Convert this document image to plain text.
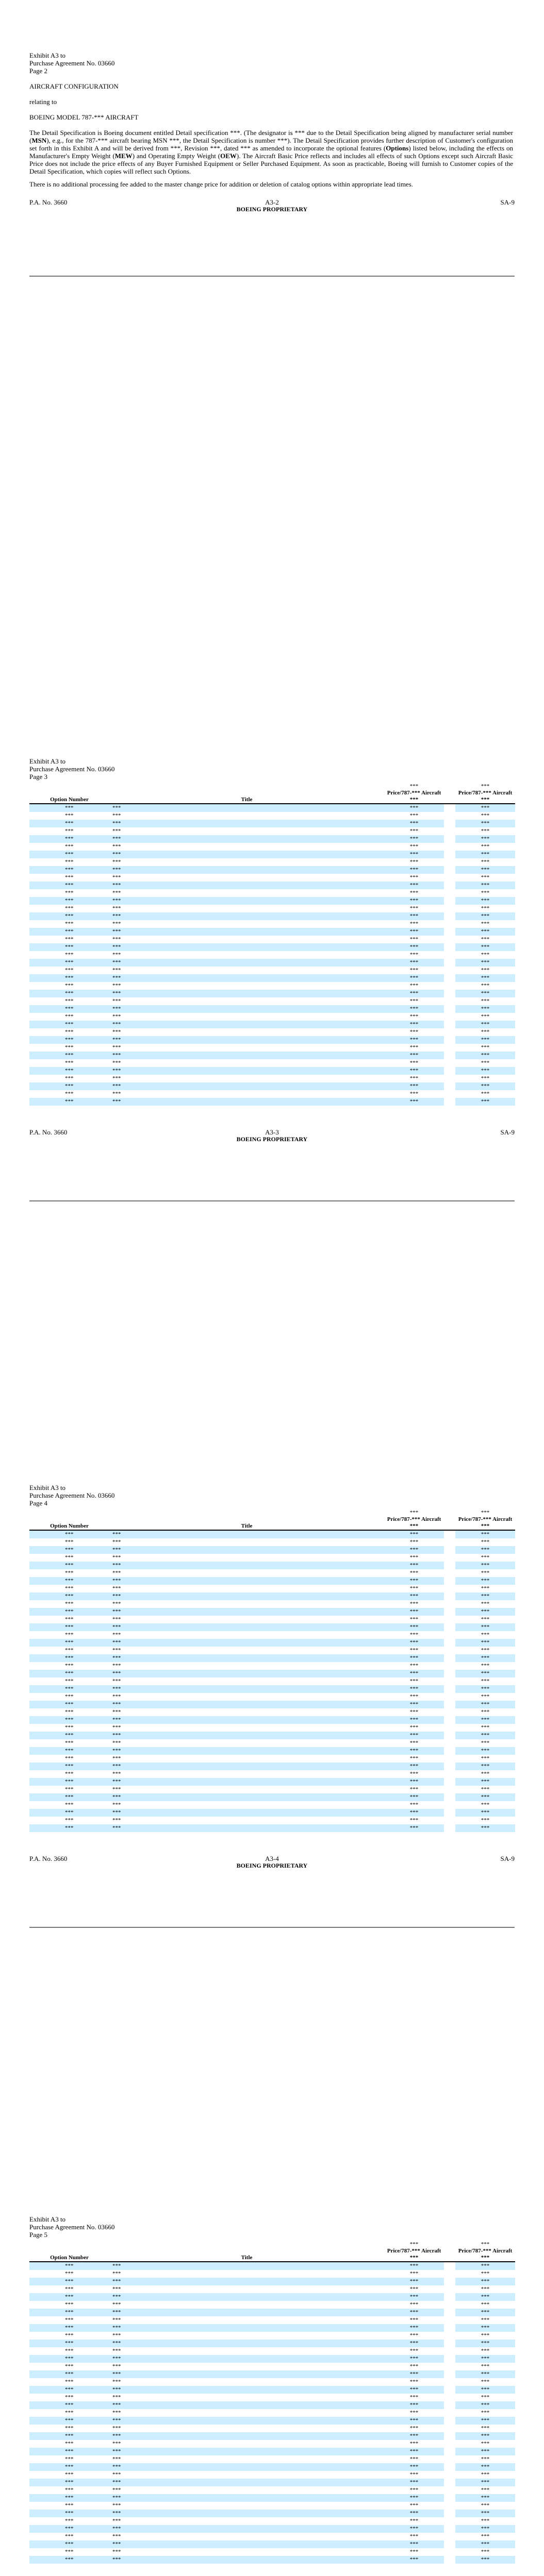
Exhibit A3 to

Purchase Agreement No. 03660

Page 2

AIRCRAFT CONFIGURATION

relating to

BOEING MODEL 787-*** AIRCRAFT

The Detail Specification is Boeing document entitled Detail specification ***. (The designator is *** due to the Detail Specification being aligned by manufacturer serial number (MSN), e.g., for the 787-*** aircraft bearing MSN ***, the Detail Specification is number ***). The Detail Specification provides further description of Customer's configuration set forth in this Exhibit A and will be derived from ***, Revision ***, dated *** as amended to incorporate the optional features (Options) listed below, including the effects on Manufacturer's Empty Weight (MEW) and Operating Empty Weight (OEW). The Aircraft Basic Price reflects and includes all effects of such Options except such Aircraft Basic Price does not include the price effects of any Buyer Furnished Equipment or Seller Purchased Equipment. As soon as practicable, Boeing will furnish to Customer copies of the Detail Specification, which copies will reflect such Options.

There is no additional processing fee added to the master change price for addition or deletion of catalog options within appropriate lead times.

P.A. No. 3660	A3-2	SA-9
BOEING PROPRIETARY

Exhibit A3 to

Purchase Agreement No. 03660

Page 3

		***		***
Option Number	Title	Price/787-*** Aircraft ***		Price/787-*** Aircraft ***
***	***	***		***
***	***	***		***
***	***	***		***
***	***	***		***
***	***	***		***
***	***	***		***
***	***	***		***
***	***	***		***
***	***	***		***
***	***	***		***
***	***	***		***
***	***	***		***
***	***	***		***
***	***	***		***
***	***	***		***
***	***	***		***
***	***	***		***
***	***	***		***
***	***	***		***
***	***	***		***
***	***	***		***
***	***	***		***
***	***	***		***
***	***	***		***
***	***	***		***
***	***	***		***
***	***	***		***
***	***	***		***
***	***	***		***
***	***	***		***
***	***	***		***
***	***	***		***
***	***	***		***
***	***	***		***
***	***	***		***
***	***	***		***
***	***	***		***
***	***	***		***
***	***	***		***
P.A. No. 3660	A3-3	SA-9
BOEING PROPRIETARY

Exhibit A3 to

Purchase Agreement No. 03660

Page 4

		***		***
Option Number	Title	Price/787-*** Aircraft ***		Price/787-*** Aircraft ***
***	***	***		***
***	***	***		***
***	***	***		***
***	***	***		***
***	***	***		***
***	***	***		***
***	***	***		***
***	***	***		***
***	***	***		***
***	***	***		***
***	***	***		***
***	***	***		***
***	***	***		***
***	***	***		***
***	***	***		***
***	***	***		***
***	***	***		***
***	***	***		***
***	***	***		***
***	***	***		***
***	***	***		***
***	***	***		***
***	***	***		***
***	***	***		***
***	***	***		***
***	***	***		***
***	***	***		***
***	***	***		***
***	***	***		***
***	***	***		***
***	***	***		***
***	***	***		***
***	***	***		***
***	***	***		***
***	***	***		***
***	***	***		***
***	***	***		***
***	***	***		***
***	***	***		***
P.A. No. 3660	A3-4	SA-9
BOEING PROPRIETARY

Exhibit A3 to

Purchase Agreement No. 03660

Page 5

		***		***
Option Number	Title	Price/787-*** Aircraft ***		Price/787-*** Aircraft ***
***	***	***		***
***	***	***		***
***	***	***		***
***	***	***		***
***	***	***		***
***	***	***		***
***	***	***		***
***	***	***		***
***	***	***		***
***	***	***		***
***	***	***		***
***	***	***		***
***	***	***		***
***	***	***		***
***	***	***		***
***	***	***		***
***	***	***		***
***	***	***		***
***	***	***		***
***	***	***		***
***	***	***		***
***	***	***		***
***	***	***		***
***	***	***		***
***	***	***		***
***	***	***		***
***	***	***		***
***	***	***		***
***	***	***		***
***	***	***		***
***	***	***		***
***	***	***		***
***	***	***		***
***	***	***		***
***	***	***		***
***	***	***		***
***	***	***		***
***	***	***		***
***	***	***		***
